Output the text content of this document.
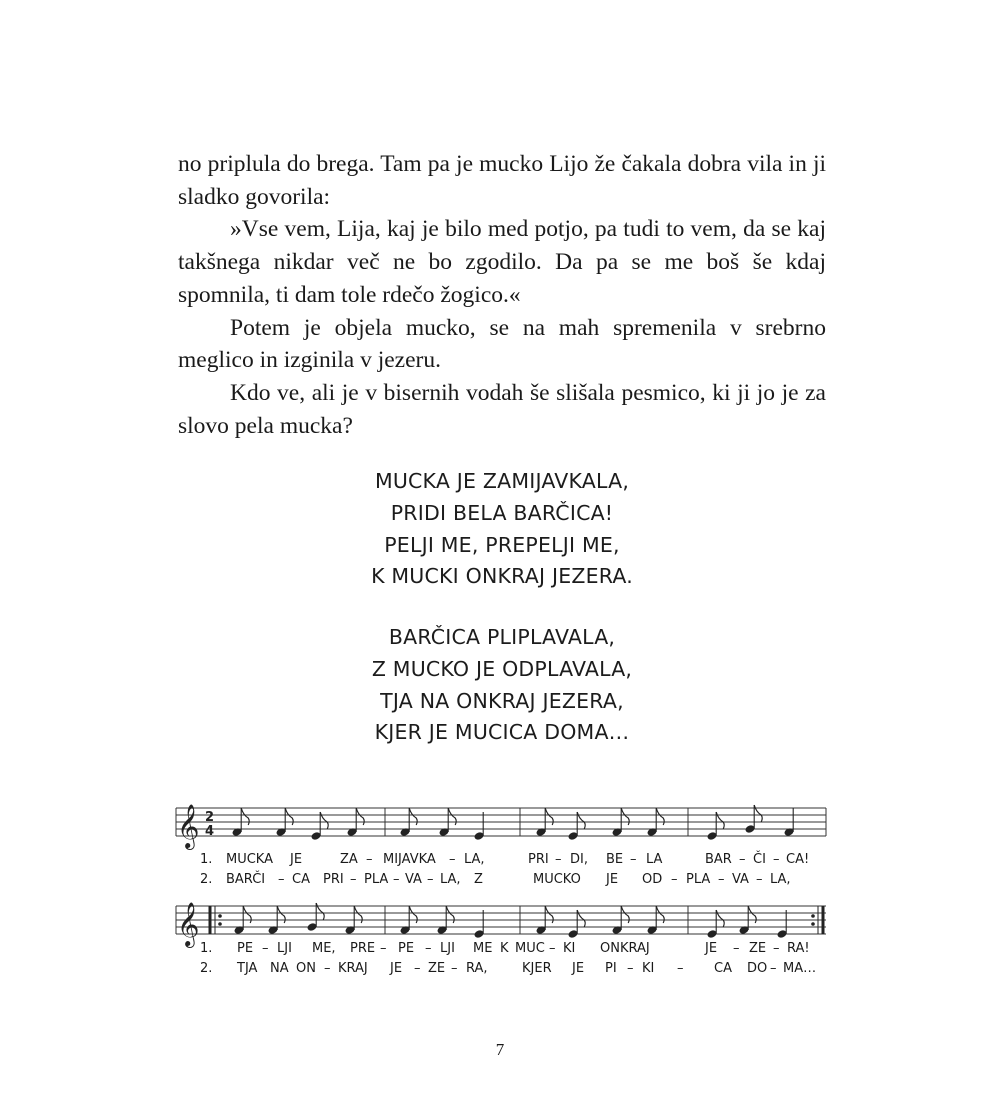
no priplula do brega. Tam pa je mucko Lijo že čakala dobra vila in ji sladko govorila:

»Vse vem, Lija, kaj je bilo med potjo, pa tudi to vem, da se kaj takšnega nikdar več ne bo zgodilo. Da pa se me boš še kdaj spomnila, ti dam tole rdečo žogico.«

Potem je objela mucko, se na mah spremenila v srebrno meglico in izginila v jezeru.

Kdo ve, ali je v bisernih vodah še slišala pesmico, ki ji jo je za slovo pela mucka?

MUCKA JE ZAMIJAVKALA,
PRIDI BELA BARČICA!
PELJI ME, PREPELJI ME,
K MUCKI ONKRAJ JEZERA.
BARČICA PLIPLAVALA,
Z MUCKO JE ODPLAVALA,
TJA NA ONKRAJ JEZERA,
KJER JE MUCICA DOMA…
𝄞 2
4
𝄞
1. MUCKA JE	ZA – MIJAVKA – LA,	PRI – DI, BE – LA	BAR – ČI – CA!
2. BARČI – CA PRI – PLA – VA – LA, Z	MUCKO JE OD – PLA – VA – LA,
1. PE – LJI ME, PRE – PE – LJI ME K MUC – KI ONKRAJ	JE – ZE – RA!
2. TJA NA ON – KRAJ JE – ZE – RA,	KJER JE PI – KI – CA DO – MA…
7
